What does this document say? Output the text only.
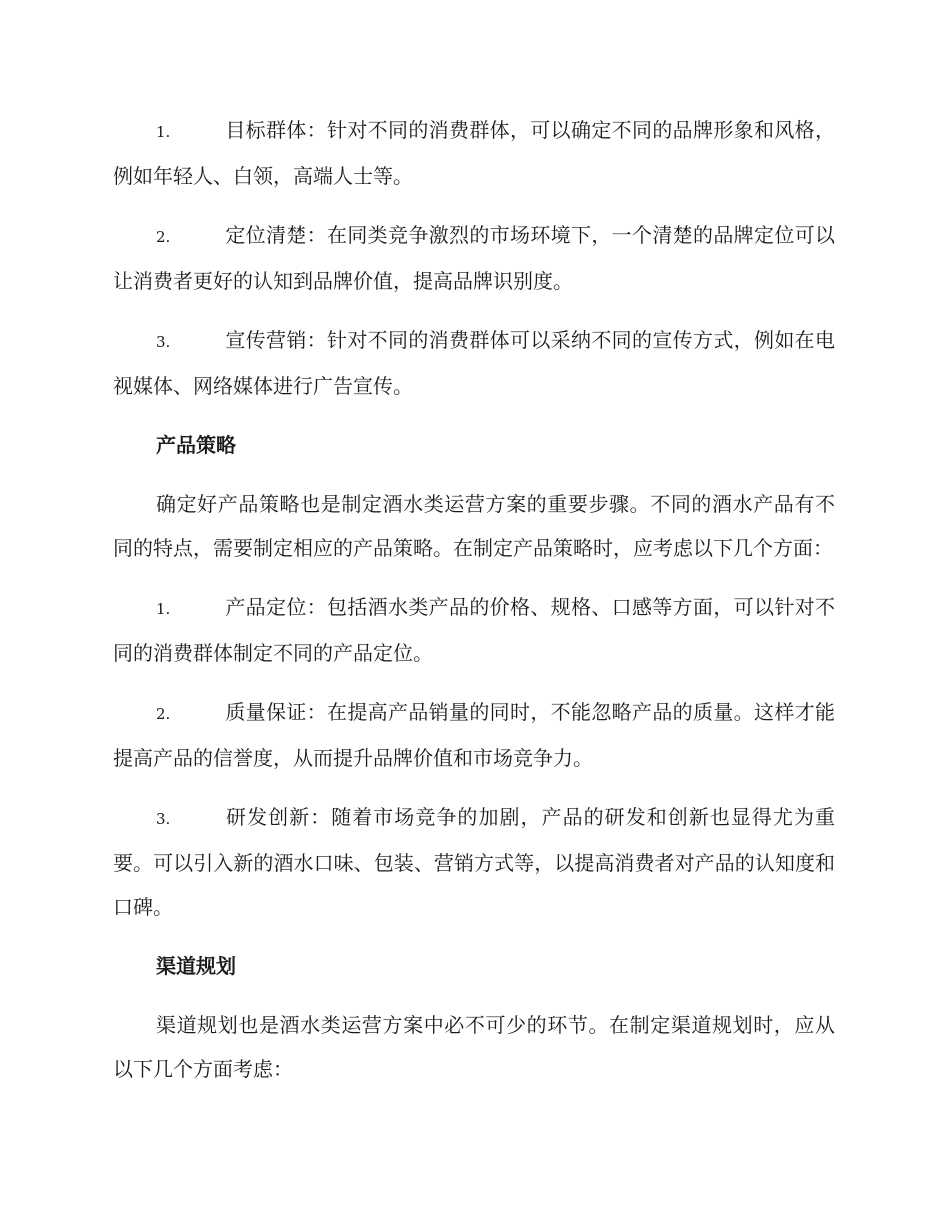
1.	目标群体：针对不同的消费群体，可以确定不同的品牌形象和风格，例如年轻人、白领，高端人士等。
2.	定位清楚：在同类竞争激烈的市场环境下，一个清楚的品牌定位可以让消费者更好的认知到品牌价值，提高品牌识别度。
3.	宣传营销：针对不同的消费群体可以采纳不同的宣传方式，例如在电视媒体、网络媒体进行广告宣传。
产品策略
确定好产品策略也是制定酒水类运营方案的重要步骤。不同的酒水产品有不同的特点，需要制定相应的产品策略。在制定产品策略时，应考虑以下几个方面：
1.	产品定位：包括酒水类产品的价格、规格、口感等方面，可以针对不同的消费群体制定不同的产品定位。
2.	质量保证：在提高产品销量的同时，不能忽略产品的质量。这样才能提高产品的信誉度，从而提升品牌价值和市场竞争力。
3.	研发创新：随着市场竞争的加剧，产品的研发和创新也显得尤为重要。可以引入新的酒水口味、包装、营销方式等，以提高消费者对产品的认知度和口碑。
渠道规划
渠道规划也是酒水类运营方案中必不可少的环节。在制定渠道规划时，应从以下几个方面考虑：
